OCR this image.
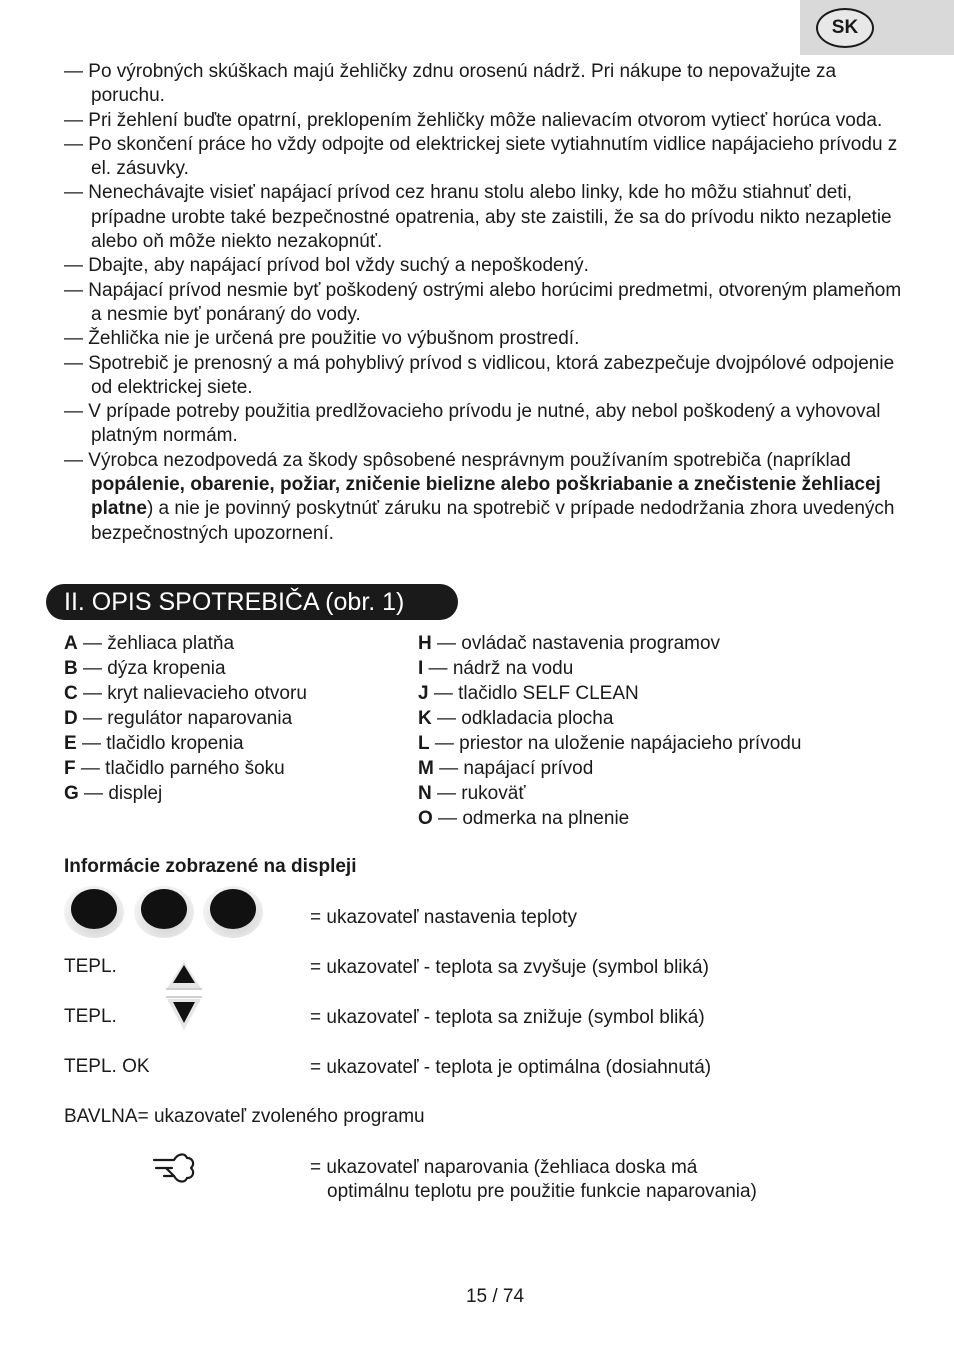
SK
— Po výrobných skúškach majú žehličky zdnu orosenú nádrž. Pri nákupe to nepovažujte za poruchu.
— Pri žehlení buďte opatrní, preklopením žehličky môže nalievacím otvorom vytiecť horúca voda.
— Po skončení práce ho vždy odpojte od elektrickej siete vytiahnutím vidlice napájacieho prívodu z el. zásuvky.
— Nenechávajte visieť napájací prívod cez hranu stolu alebo linky, kde ho môžu stiahnuť deti, prípadne urobte také bezpečnostné opatrenia, aby ste zaistili, že sa do prívodu nikto nezapletie alebo oň môže niekto nezakopnúť.
— Dbajte, aby napájací prívod bol vždy suchý a nepoškodený.
— Napájací prívod nesmie byť poškodený ostrými alebo horúcimi predmetmi, otvoreným plameňom a nesmie byť ponáraný do vody.
— Žehlička nie je určená pre použitie vo výbušnom prostredí.
— Spotrebič je prenosný a má pohyblivý prívod s vidlicou, ktorá zabezpečuje dvojpólové odpojenie od elektrickej siete.
— V prípade potreby použitia predlžovacieho prívodu je nutné, aby nebol poškodený a vyhovoval platným normám.
— Výrobca nezodpovedá za škody spôsobené nesprávnym používaním spotrebiča (napríklad popálenie, obarenie, požiar, zničenie bielizne alebo poškriabanie a znečistenie žehliacej platne) a nie je povinný poskytnúť záruku na spotrebič v prípade nedodržania zhora uvedených bezpečnostných upozornení.
II. OPIS SPOTREBIČA (obr. 1)
A — žehliaca platňa
B — dýza kropenia
C — kryt nalievacieho otvoru
D — regulátor naparovania
E — tlačidlo kropenia
F — tlačidlo parného šoku
G — displej
H — ovládač nastavenia programov
I — nádrž na vodu
J — tlačidlo SELF CLEAN
K — odkladacia plocha
L — priestor na uloženie napájacieho prívodu
M — napájací prívod
N — rukoväť
O — odmerka na plnenie
Informácie zobrazené na displeji
= ukazovateľ nastavenia teploty
TEPL.	= ukazovateľ - teplota sa zvyšuje (symbol bliká)
TEPL.	= ukazovateľ - teplota sa znižuje (symbol bliká)
TEPL. OK	= ukazovateľ - teplota je optimálna (dosiahnutá)
BAVLNA= ukazovateľ zvoleného programu
= ukazovateľ naparovania (žehliaca doska má
optimálnu teplotu pre použitie funkcie naparovania)
15 / 74
